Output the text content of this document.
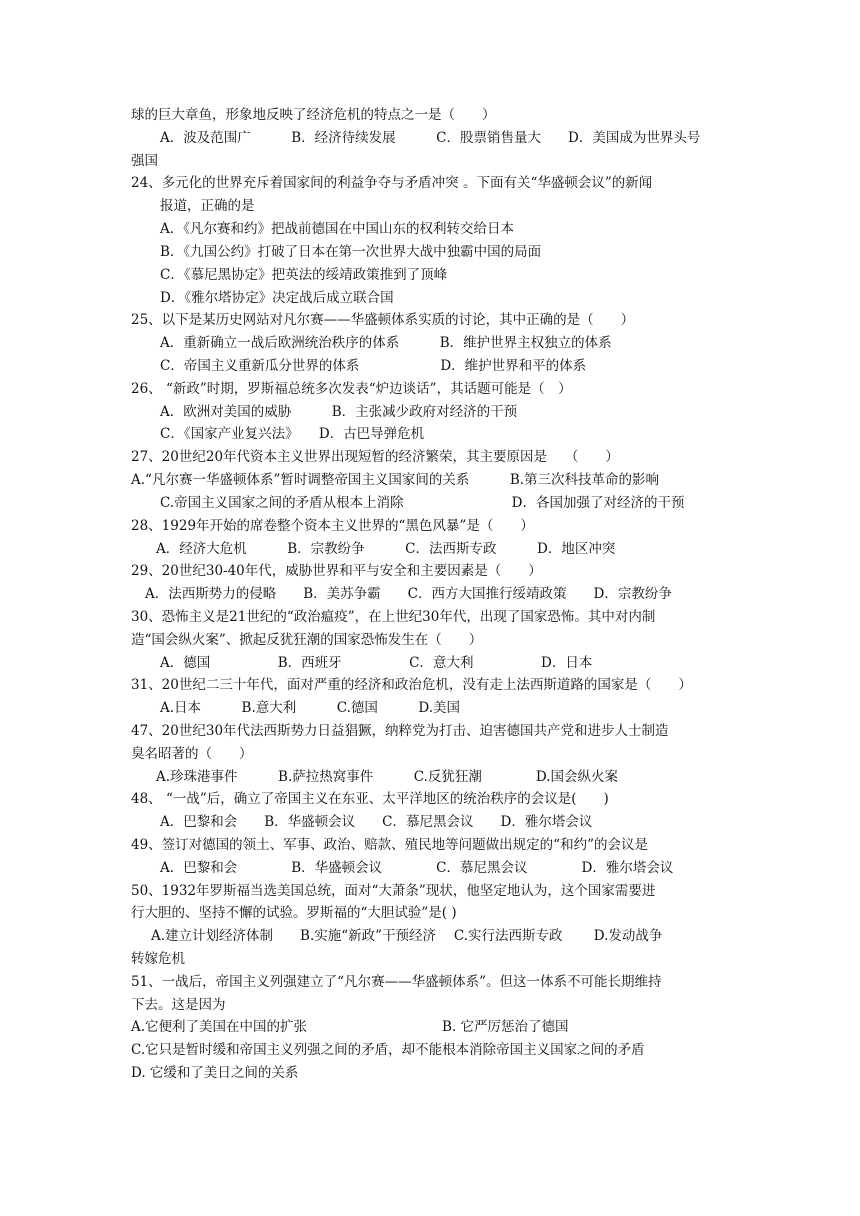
球的巨大章鱼，形象地反映了经济危机的特点之一是（　　）
A．波及范围广　　　B．经济待续发展　　　C．股票销售量大　　D．美国成为世界头号
强国
24、多元化的世界充斥着国家间的利益争夺与矛盾冲突 。下面有关“华盛顿会议”的新闻
报道，正确的是
A．《凡尔赛和约》把战前德国在中国山东的权利转交给日本
B．《九国公约》打破了日本在第一次世界大战中独霸中国的局面
C．《慕尼黑协定》把英法的绥靖政策推到了顶峰
D．《雅尔塔协定》决定战后成立联合国
25、以下是某历史网站对凡尔赛——华盛顿体系实质的讨论，其中正确的是（　　）
A．重新确立一战后欧洲统治秩序的体系　　　B．维护世界主权独立的体系
C．帝国主义重新瓜分世界的体系　　　　　　D．维护世界和平的体系
26、 “新政”时期，罗斯福总统多次发表“炉边谈话”，其话题可能是（　）
A．欧洲对美国的威胁　　　B．主张减少政府对经济的干预
C．《国家产业复兴法》　　D．古巴导弹危机
27、20世纪20年代资本主义世界出现短暂的经济繁荣，其主要原因是　 （　　）
A.“凡尔赛一华盛顿体系”暂时调整帝国主义国家间的关系　　　B.第三次科技革命的影响
C.帝国主义国家之间的矛盾从根本上消除　　　　　　　　D．各国加强了对经济的干预
28、1929年开始的席卷整个资本主义世界的“黑色风暴”是（　　）
A．经济大危机　　　B．宗教纷争　　　C．法西斯专政　　　D．地区冲突
29、20世纪30-40年代，威胁世界和平与安全和主要因素是（　　）
A．法西斯势力的侵略　　B．美苏争霸　　C．西方大国推行绥靖政策　　D．宗教纷争
30、恐怖主义是21世纪的“政治瘟疫”，在上世纪30年代，出现了国家恐怖。其中对内制
造“国会纵火案”、掀起反犹狂潮的国家恐怖发生在（　　）
A．德国　　　　　B．西班牙　　　　　C．意大利　　　　　D．日本
31、20世纪二三十年代，面对严重的经济和政治危机，没有走上法西斯道路的国家是（　　）
A.日本　　　B.意大利　　　C.德国　　　D.美国
47、20世纪30年代法西斯势力日益猖獗，纳粹党为打击、迫害德国共产党和进步人士制造
臭名昭著的（　　）
A.珍珠港事件　　　B.萨拉热窝事件　　　C.反犹狂潮　　　　D.国会纵火案
48、 “一战”后，确立了帝国主义在东亚、太平洋地区的统治秩序的会议是(　　)
A．巴黎和会　　B．华盛顿会议　　C．慕尼黑会议　　D．雅尔塔会议
49、签订对德国的领土、军事、政治、赔款、殖民地等问题做出规定的“和约”的会议是
A．巴黎和会　　　　B．华盛顿会议　　　　C．慕尼黑会议　　　　D．雅尔塔会议
50、1932年罗斯福当选美国总统，面对“大萧条”现状，他坚定地认为，这个国家需要进
行大胆的、坚持不懈的试验。罗斯福的“大胆试验”是( )
A.建立计划经济体制　　B.实施“新政”干预经济　 C.实行法西斯专政　　 D.发动战争
转嫁危机
51、一战后，帝国主义列强建立了“凡尔赛——华盛顿体系”。但这一体系不可能长期维持
下去。这是因为
A.它便利了美国在中国的扩张　　　　　　　　　　B. 它严厉惩治了德国
C.它只是暂时缓和帝国主义列强之间的矛盾，却不能根本消除帝国主义国家之间的矛盾
D. 它缓和了美日之间的关系
